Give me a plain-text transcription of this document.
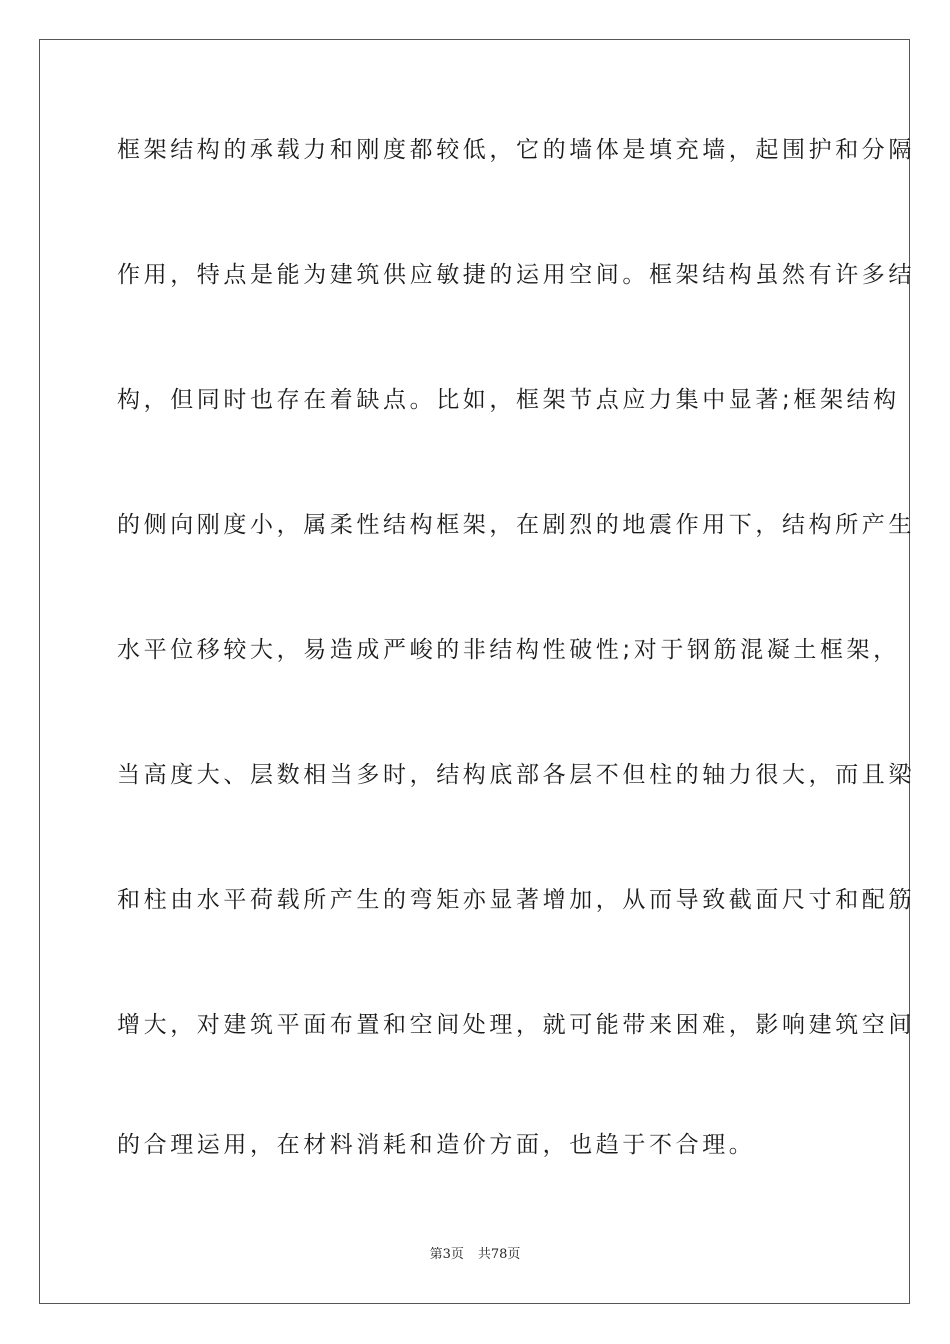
框架结构的承载力和刚度都较低，它的墙体是填充墙，起围护和分隔
作用，特点是能为建筑供应敏捷的运用空间。框架结构虽然有许多结
构，但同时也存在着缺点。比如，框架节点应力集中显著;框架结构
的侧向刚度小，属柔性结构框架，在剧烈的地震作用下，结构所产生
水平位移较大，易造成严峻的非结构性破性;对于钢筋混凝土框架，
当高度大、层数相当多时，结构底部各层不但柱的轴力很大，而且梁
和柱由水平荷载所产生的弯矩亦显著增加，从而导致截面尺寸和配筋
增大，对建筑平面布置和空间处理，就可能带来困难，影响建筑空间
的合理运用，在材料消耗和造价方面，也趋于不合理。
第3页 共78页
